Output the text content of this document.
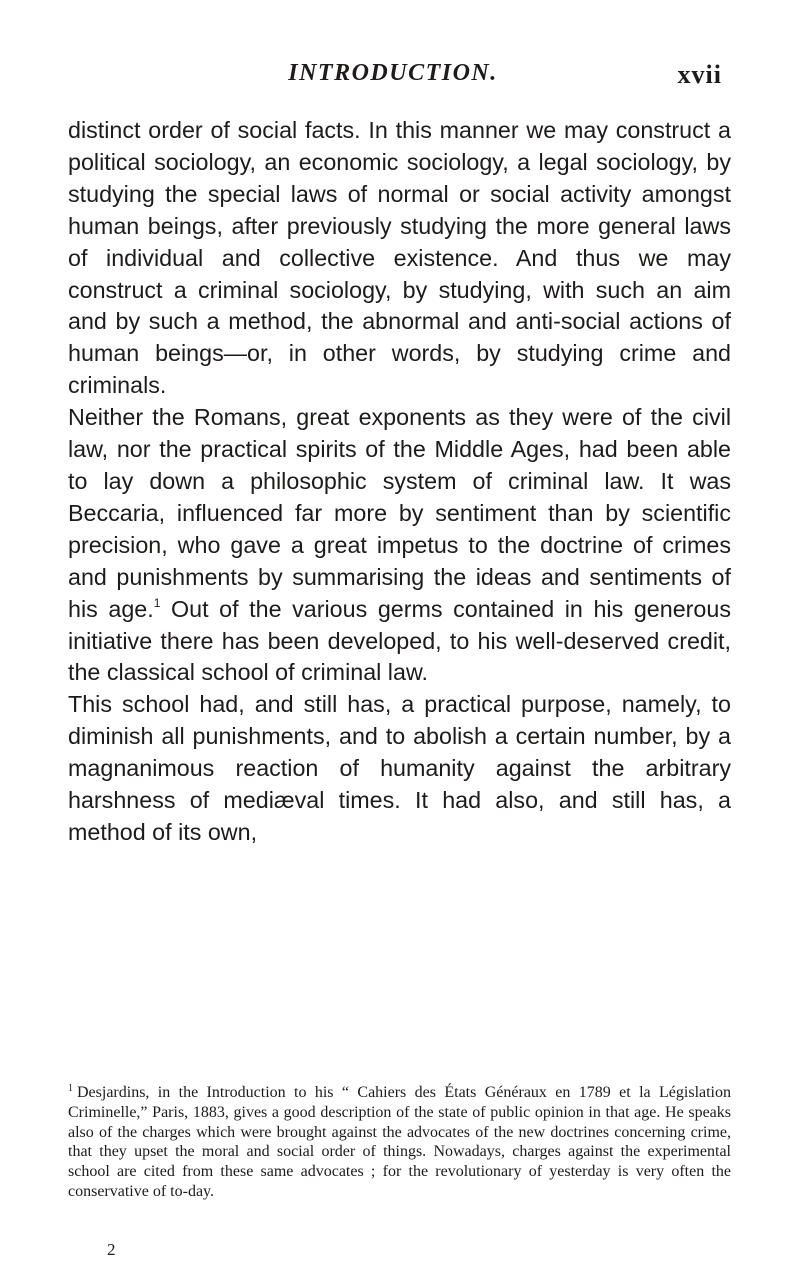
INTRODUCTION.	xvii

distinct order of social facts. In this manner we may construct a political sociology, an economic sociology, a legal sociology, by studying the special laws of normal or social activity amongst human beings, after previously studying the more general laws of individual and collective existence. And thus we may construct a criminal sociology, by studying, with such an aim and by such a method, the abnormal and anti-social actions of human beings—or, in other words, by studying crime and criminals.

Neither the Romans, great exponents as they were of the civil law, nor the practical spirits of the Middle Ages, had been able to lay down a philosophic system of criminal law. It was Beccaria, influenced far more by sentiment than by scientific precision, who gave a great impetus to the doctrine of crimes and punishments by summarising the ideas and sentiments of his age.$^1$ Out of the various germs contained in his generous initiative there has been developed, to his well-deserved credit, the classical school of criminal law.

This school had, and still has, a practical purpose, namely, to diminish all punishments, and to abolish a certain number, by a magnanimous reaction of humanity against the arbitrary harshness of mediæval times. It had also, and still has, a method of its own,

$^1$ Desjardins, in the Introduction to his “ Cahiers des États Généraux en 1789 et la Législation Criminelle,” Paris, 1883, gives a good description of the state of public opinion in that age. He speaks also of the charges which were brought against the advocates of the new doctrines concerning crime, that they upset the moral and social order of things. Nowadays, charges against the experimental school are cited from these same advocates ; for the revolutionary of yesterday is very often the conservative of to-day.

2
